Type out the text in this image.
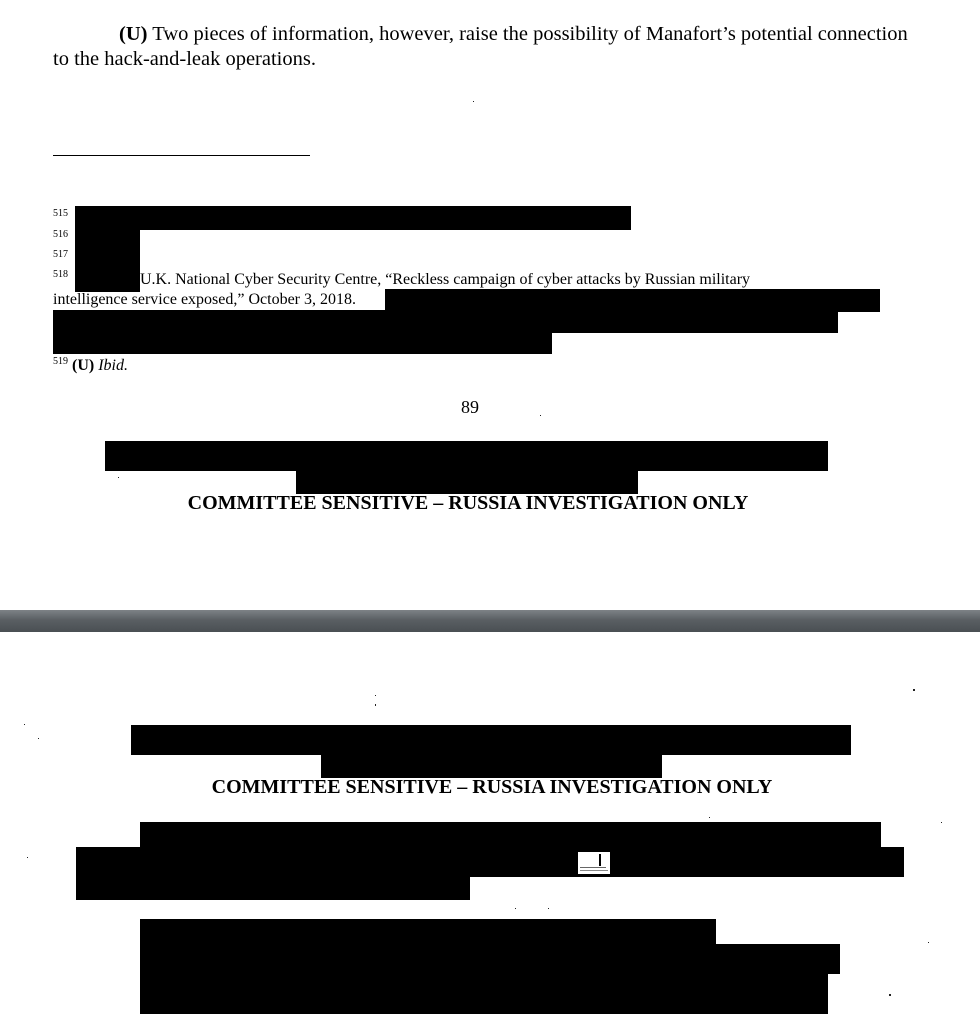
(U) Two pieces of information, however, raise the possibility of Manafort’s potential connection to the hack-and-leak operations.

515
516
517
518	U.K. National Cyber Security Centre, “Reckless campaign of cyber attacks by Russian military
intelligence service exposed,” October 3, 2018.
$^{519}$ (U) Ibid.
89
COMMITTEE SENSITIVE – RUSSIA INVESTIGATION ONLY
COMMITTEE SENSITIVE – RUSSIA INVESTIGATION ONLY
